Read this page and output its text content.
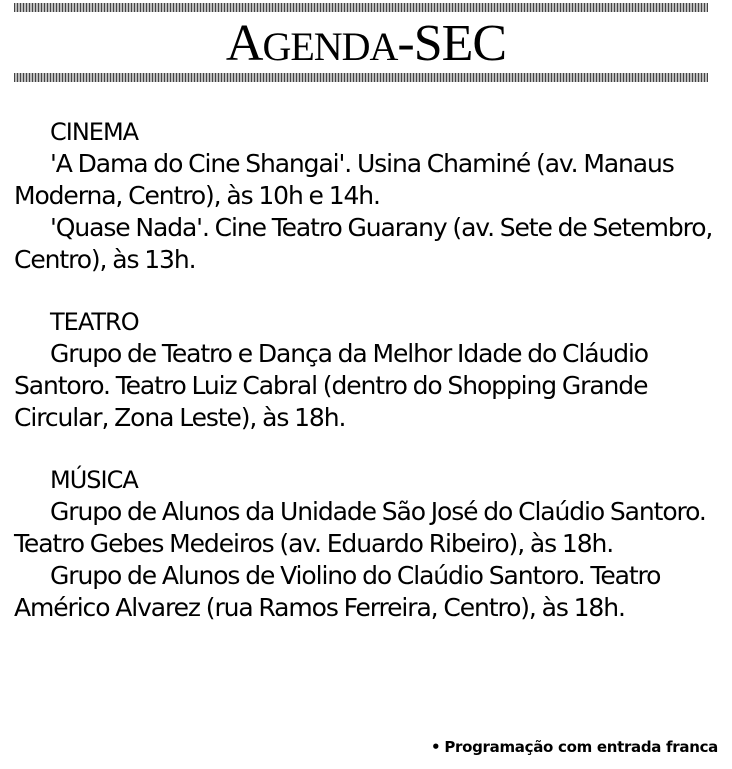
AGENDA-SEC
CINEMA

'A Dama do Cine Shangai'. Usina Chaminé (av. Manaus Moderna, Centro), às 10h e 14h.

'Quase Nada'. Cine Teatro Guarany (av. Sete de Setembro, Centro), às 13h.

TEATRO

Grupo de Teatro e Dança da Melhor Idade do Cláudio Santoro. Teatro Luiz Cabral (dentro do Shopping Grande Circular, Zona Leste), às 18h.

MÚSICA

Grupo de Alunos da Unidade São José do Claúdio Santoro. Teatro Gebes Medeiros (av. Eduardo Ribeiro), às 18h.

Grupo de Alunos de Violino do Claúdio Santoro. Teatro Américo Alvarez (rua Ramos Ferreira, Centro), às 18h.

• Programação com entrada franca
